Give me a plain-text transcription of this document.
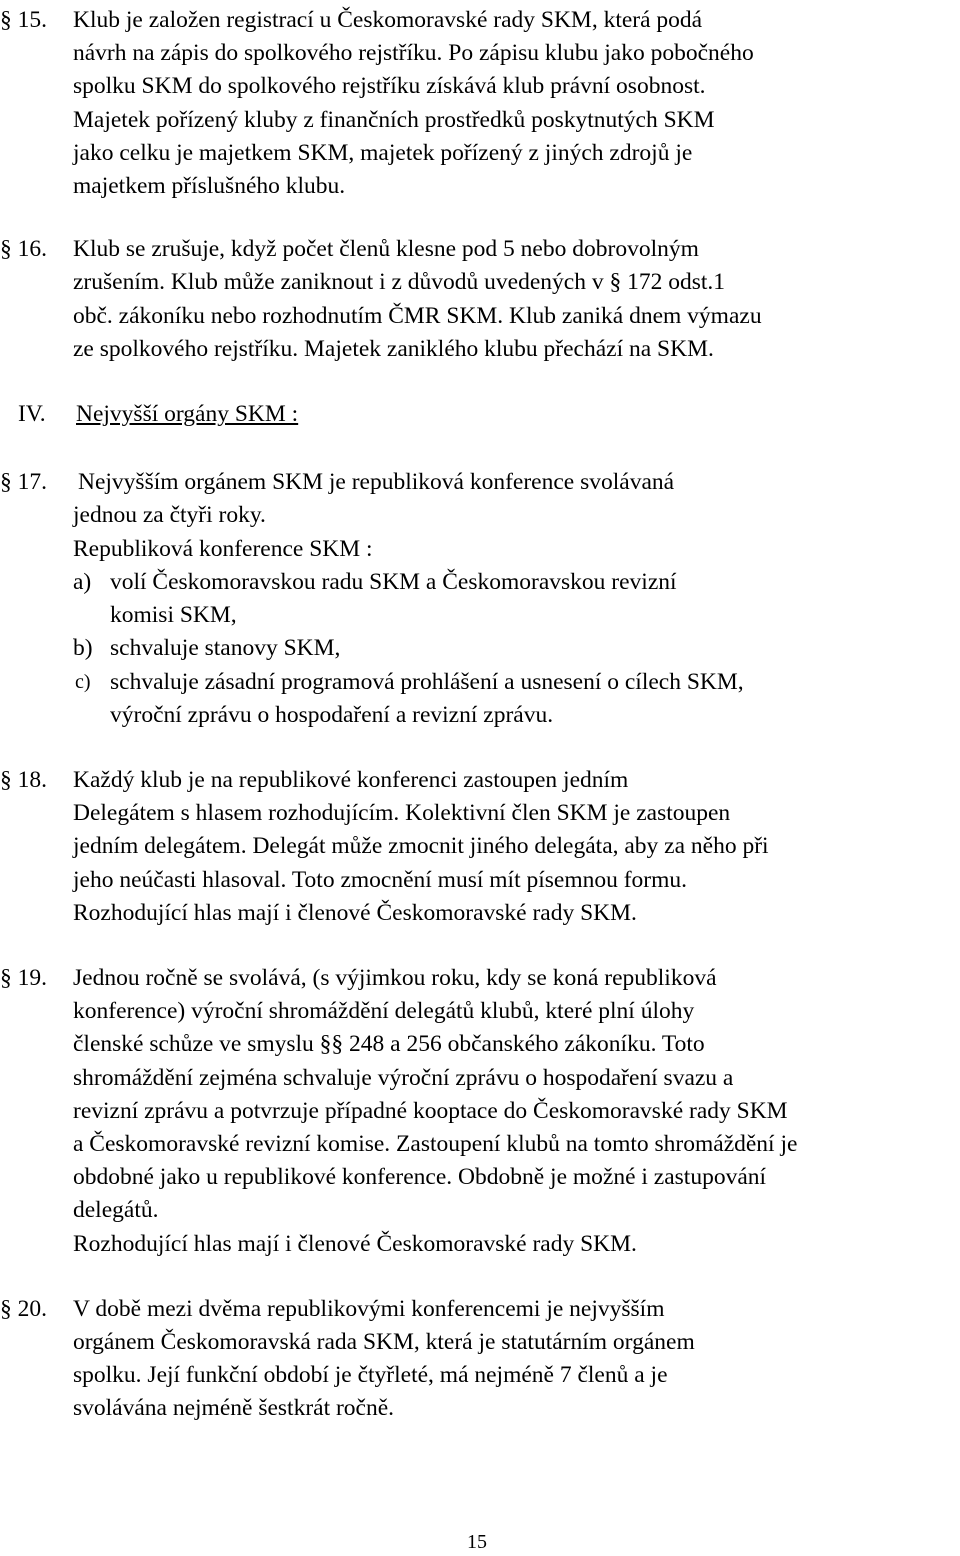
§ 15. Klub je založen registrací u Českomoravské rady SKM, která podá
návrh na zápis do spolkového rejstříku. Po zápisu klubu jako pobočného
spolku SKM do spolkového rejstříku získává klub právní osobnost.
Majetek pořízený kluby z finančních prostředků poskytnutých SKM
jako celku je majetkem SKM, majetek pořízený z jiných zdrojů je
majetkem příslušného klubu.
§ 16. Klub se zrušuje, když počet členů klesne pod 5 nebo dobrovolným
zrušením. Klub může zaniknout i z důvodů uvedených v § 172 odst.1
obč. zákoníku nebo rozhodnutím ČMR SKM. Klub zaniká dnem výmazu
ze spolkového rejstříku. Majetek zaniklého klubu přechází na SKM.
IV. Nejvyšší orgány SKM :
§ 17. Nejvyšším orgánem SKM je republiková konference svolávaná
jednou za čtyři roky.
Republiková konference SKM :
a) volí Českomoravskou radu SKM a Českomoravskou revizní
komisi SKM,
b) schvaluje stanovy SKM,
c) schvaluje zásadní programová prohlášení a usnesení o cílech SKM,
výroční zprávu o hospodaření a revizní zprávu.
§ 18. Každý klub je na republikové konferenci zastoupen jedním
Delegátem s hlasem rozhodujícím. Kolektivní člen SKM je zastoupen
jedním delegátem. Delegát může zmocnit jiného delegáta, aby za něho při
jeho neúčasti hlasoval. Toto zmocnění musí mít písemnou formu.
Rozhodující hlas mají i členové Českomoravské rady SKM.
§ 19. Jednou ročně se svolává, (s výjimkou roku, kdy se koná republiková
konference) výroční shromáždění delegátů klubů, které plní úlohy
členské schůze ve smyslu §§ 248 a 256 občanského zákoníku. Toto
shromáždění zejména schvaluje výroční zprávu o hospodaření svazu a
revizní zprávu a potvrzuje případné kooptace do Českomoravské rady SKM
a Českomoravské revizní komise. Zastoupení klubů na tomto shromáždění je
obdobné jako u republikové konference. Obdobně je možné i zastupování
delegátů.
Rozhodující hlas mají i členové Českomoravské rady SKM.
§ 20. V době mezi dvěma republikovými konferencemi je nejvyšším
orgánem Českomoravská rada SKM, která je statutárním orgánem
spolku. Její funkční období je čtyřleté, má nejméně 7 členů a je
svolávána nejméně šestkrát ročně.
15
